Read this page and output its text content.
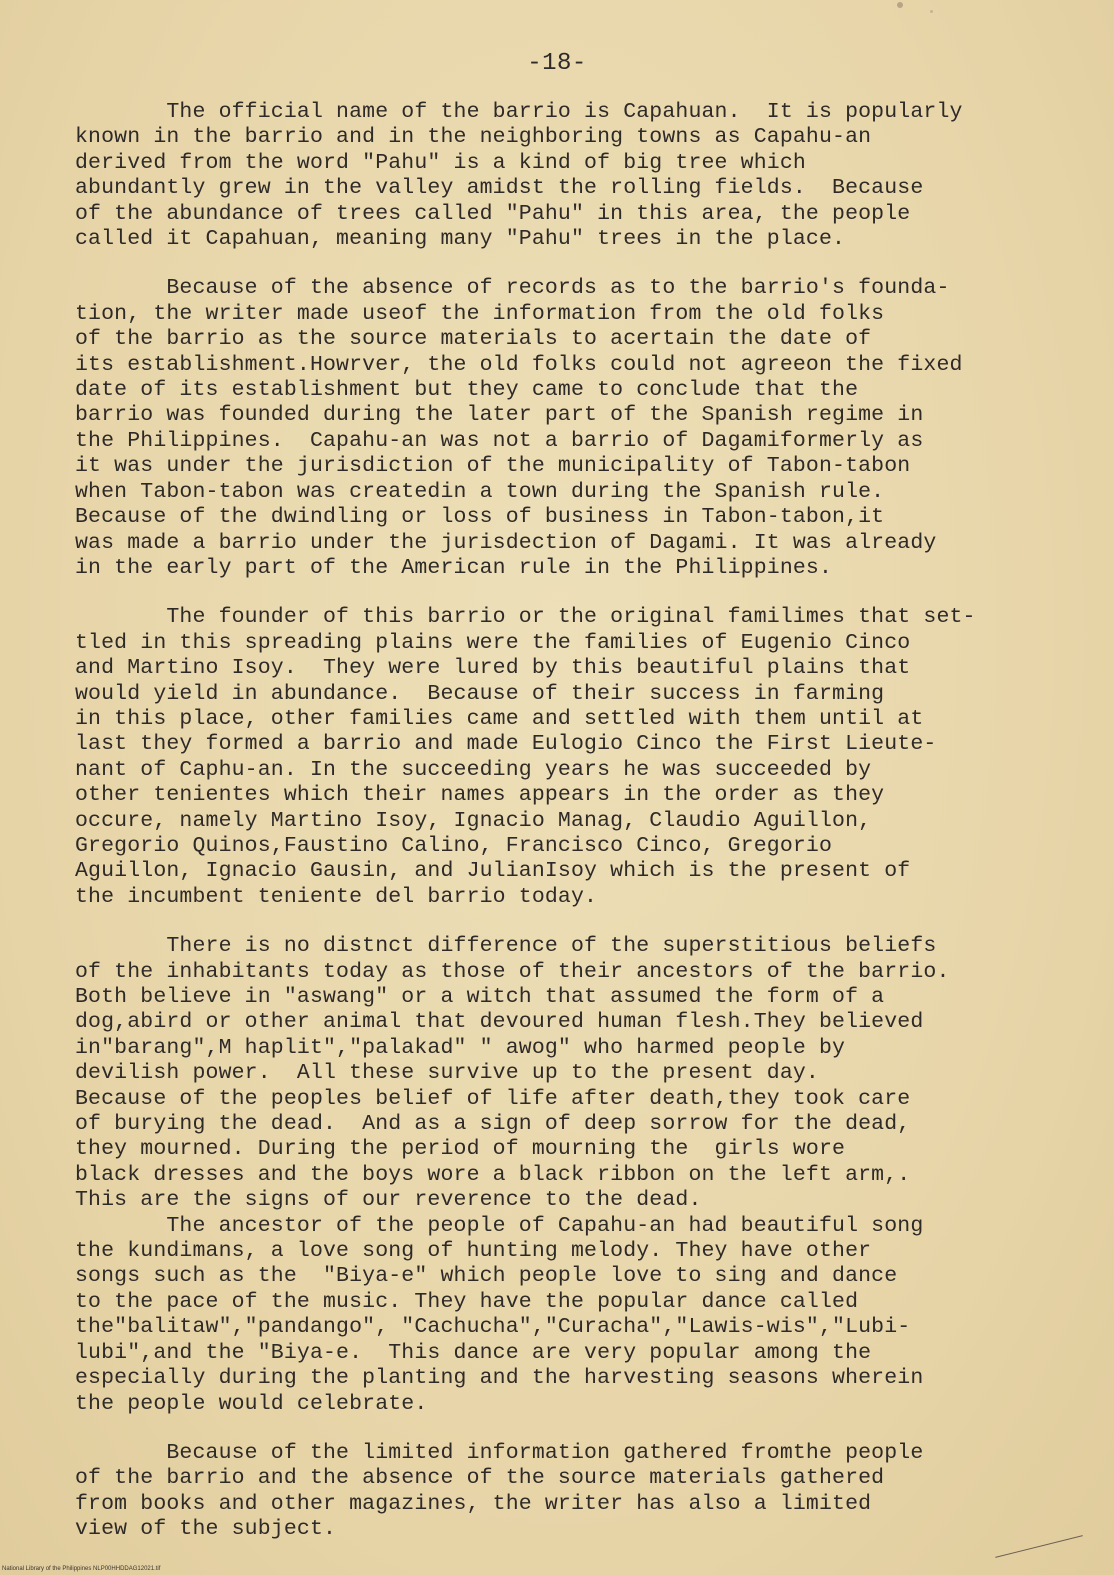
-18-
The official name of the barrio is Capahuan.  It is popularly
known in the barrio and in the neighboring towns as Capahu-an
derived from the word "Pahu" is a kind of big tree which
abundantly grew in the valley amidst the rolling fields.  Because
of the abundance of trees called "Pahu" in this area, the people
called it Capahuan, meaning many "Pahu" trees in the place.
Because of the absence of records as to the barrio's founda-
tion, the writer made useof the information from the old folks
of the barrio as the source materials to acertain the date of
its establishment.Howrver, the old folks could not agreeon the fixed
date of its establishment but they came to conclude that the
barrio was founded during the later part of the Spanish regime in
the Philippines.  Capahu-an was not a barrio of Dagamiformerly as
it was under the jurisdiction of the municipality of Tabon-tabon
when Tabon-tabon was createdin a town during the Spanish rule.
Because of the dwindling or loss of business in Tabon-tabon,it
was made a barrio under the jurisdection of Dagami. It was already
in the early part of the American rule in the Philippines.
The founder of this barrio or the original familimes that set-
tled in this spreading plains were the families of Eugenio Cinco
and Martino Isoy.  They were lured by this beautiful plains that
would yield in abundance.  Because of their success in farming
in this place, other families came and settled with them until at
last they formed a barrio and made Eulogio Cinco the First Lieute-
nant of Caphu-an. In the succeeding years he was succeeded by
other tenientes which their names appears in the order as they
occure, namely Martino Isoy, Ignacio Manag, Claudio Aguillon,
Gregorio Quinos,Faustino Calino, Francisco Cinco, Gregorio
Aguillon, Ignacio Gausin, and JulianIsoy which is the present of
the incumbent teniente del barrio today.
There is no distnct difference of the superstitious beliefs
of the inhabitants today as those of their ancestors of the barrio.
Both believe in "aswang" or a witch that assumed the form of a
dog,abird or other animal that devoured human flesh.They believed
in"barang",M haplit","palakad" " awog" who harmed people by
devilish power.  All these survive up to the present day.
Because of the peoples belief of life after death,they took care
of burying the dead.  And as a sign of deep sorrow for the dead,
they mourned. During the period of mourning the  girls wore
black dresses and the boys wore a black ribbon on the left arm,.
This are the signs of our reverence to the dead.
The ancestor of the people of Capahu-an had beautiful song
the kundimans, a love song of hunting melody. They have other
songs such as the  "Biya-e" which people love to sing and dance
to the pace of the music. They have the popular dance called
the"balitaw","pandango", "Cachucha","Curacha","Lawis-wis","Lubi-
lubi",and the "Biya-e.  This dance are very popular among the
especially during the planting and the harvesting seasons wherein
the people would celebrate.
Because of the limited information gathered fromthe people
of the barrio and the absence of the source materials gathered
from books and other magazines, the writer has also a limited
view of the subject.
National Library of the Philippines NLP00HHDDAG12021.tif
